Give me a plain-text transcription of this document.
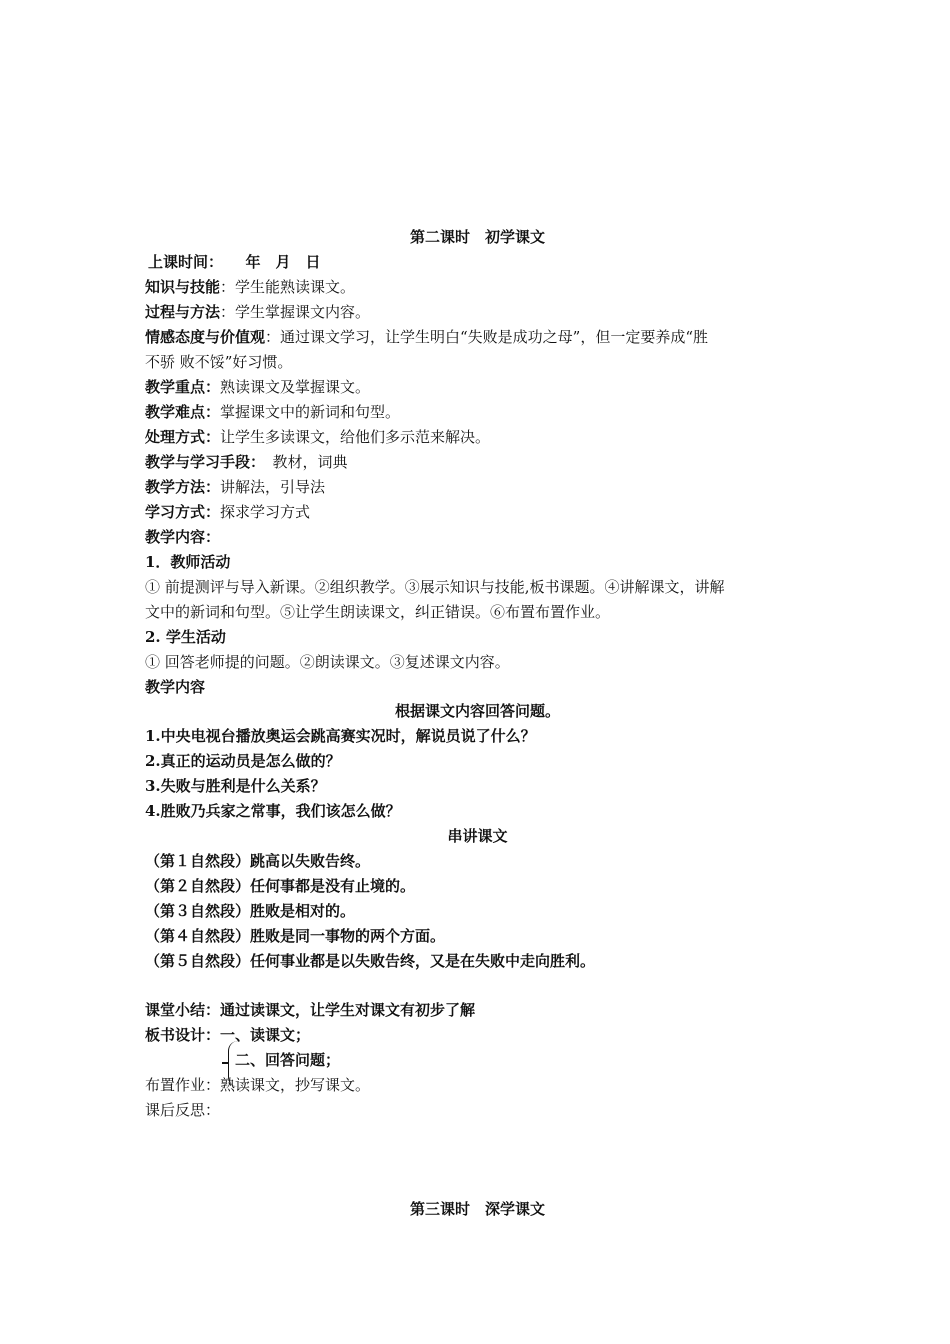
第二课时　初学课文
上课时间：　　年　月　日
知识与技能：学生能熟读课文。
过程与方法：学生掌握课文内容。
情感态度与价值观：通过课文学习，让学生明白“失败是成功之母”，但一定要养成“胜
不骄 败不馁”好习惯。
教学重点：熟读课文及掌握课文。
教学难点：掌握课文中的新词和句型。
处理方式：让学生多读课文，给他们多示范来解决。
教学与学习手段：　教材，词典
教学方法：讲解法，引导法
学习方式：探求学习方式
教学内容：
1．教师活动
① 前提测评与导入新课。②组织教学。③展示知识与技能,板书课题。④讲解课文，讲解
文中的新词和句型。⑤让学生朗读课文，纠正错误。⑥布置布置作业。
2. 学生活动
① 回答老师提的问题。②朗读课文。③复述课文内容。
教学内容
根据课文内容回答问题。
1.中央电视台播放奥运会跳高赛实况时，解说员说了什么？
2.真正的运动员是怎么做的？
3.失败与胜利是什么关系？
4.胜败乃兵家之常事，我们该怎么做？
串讲课文
（第１自然段）跳高以失败告终。
（第２自然段）任何事都是没有止境的。
（第３自然段）胜败是相对的。
（第４自然段）胜败是同一事物的两个方面。
（第５自然段）任何事业都是以失败告终，又是在失败中走向胜利。
课堂小结：通过读课文，让学生对课文有初步了解
板书设计：一、读课文；
二、回答问题；
布置作业：熟读课文，抄写课文。
课后反思：
第三课时　深学课文
